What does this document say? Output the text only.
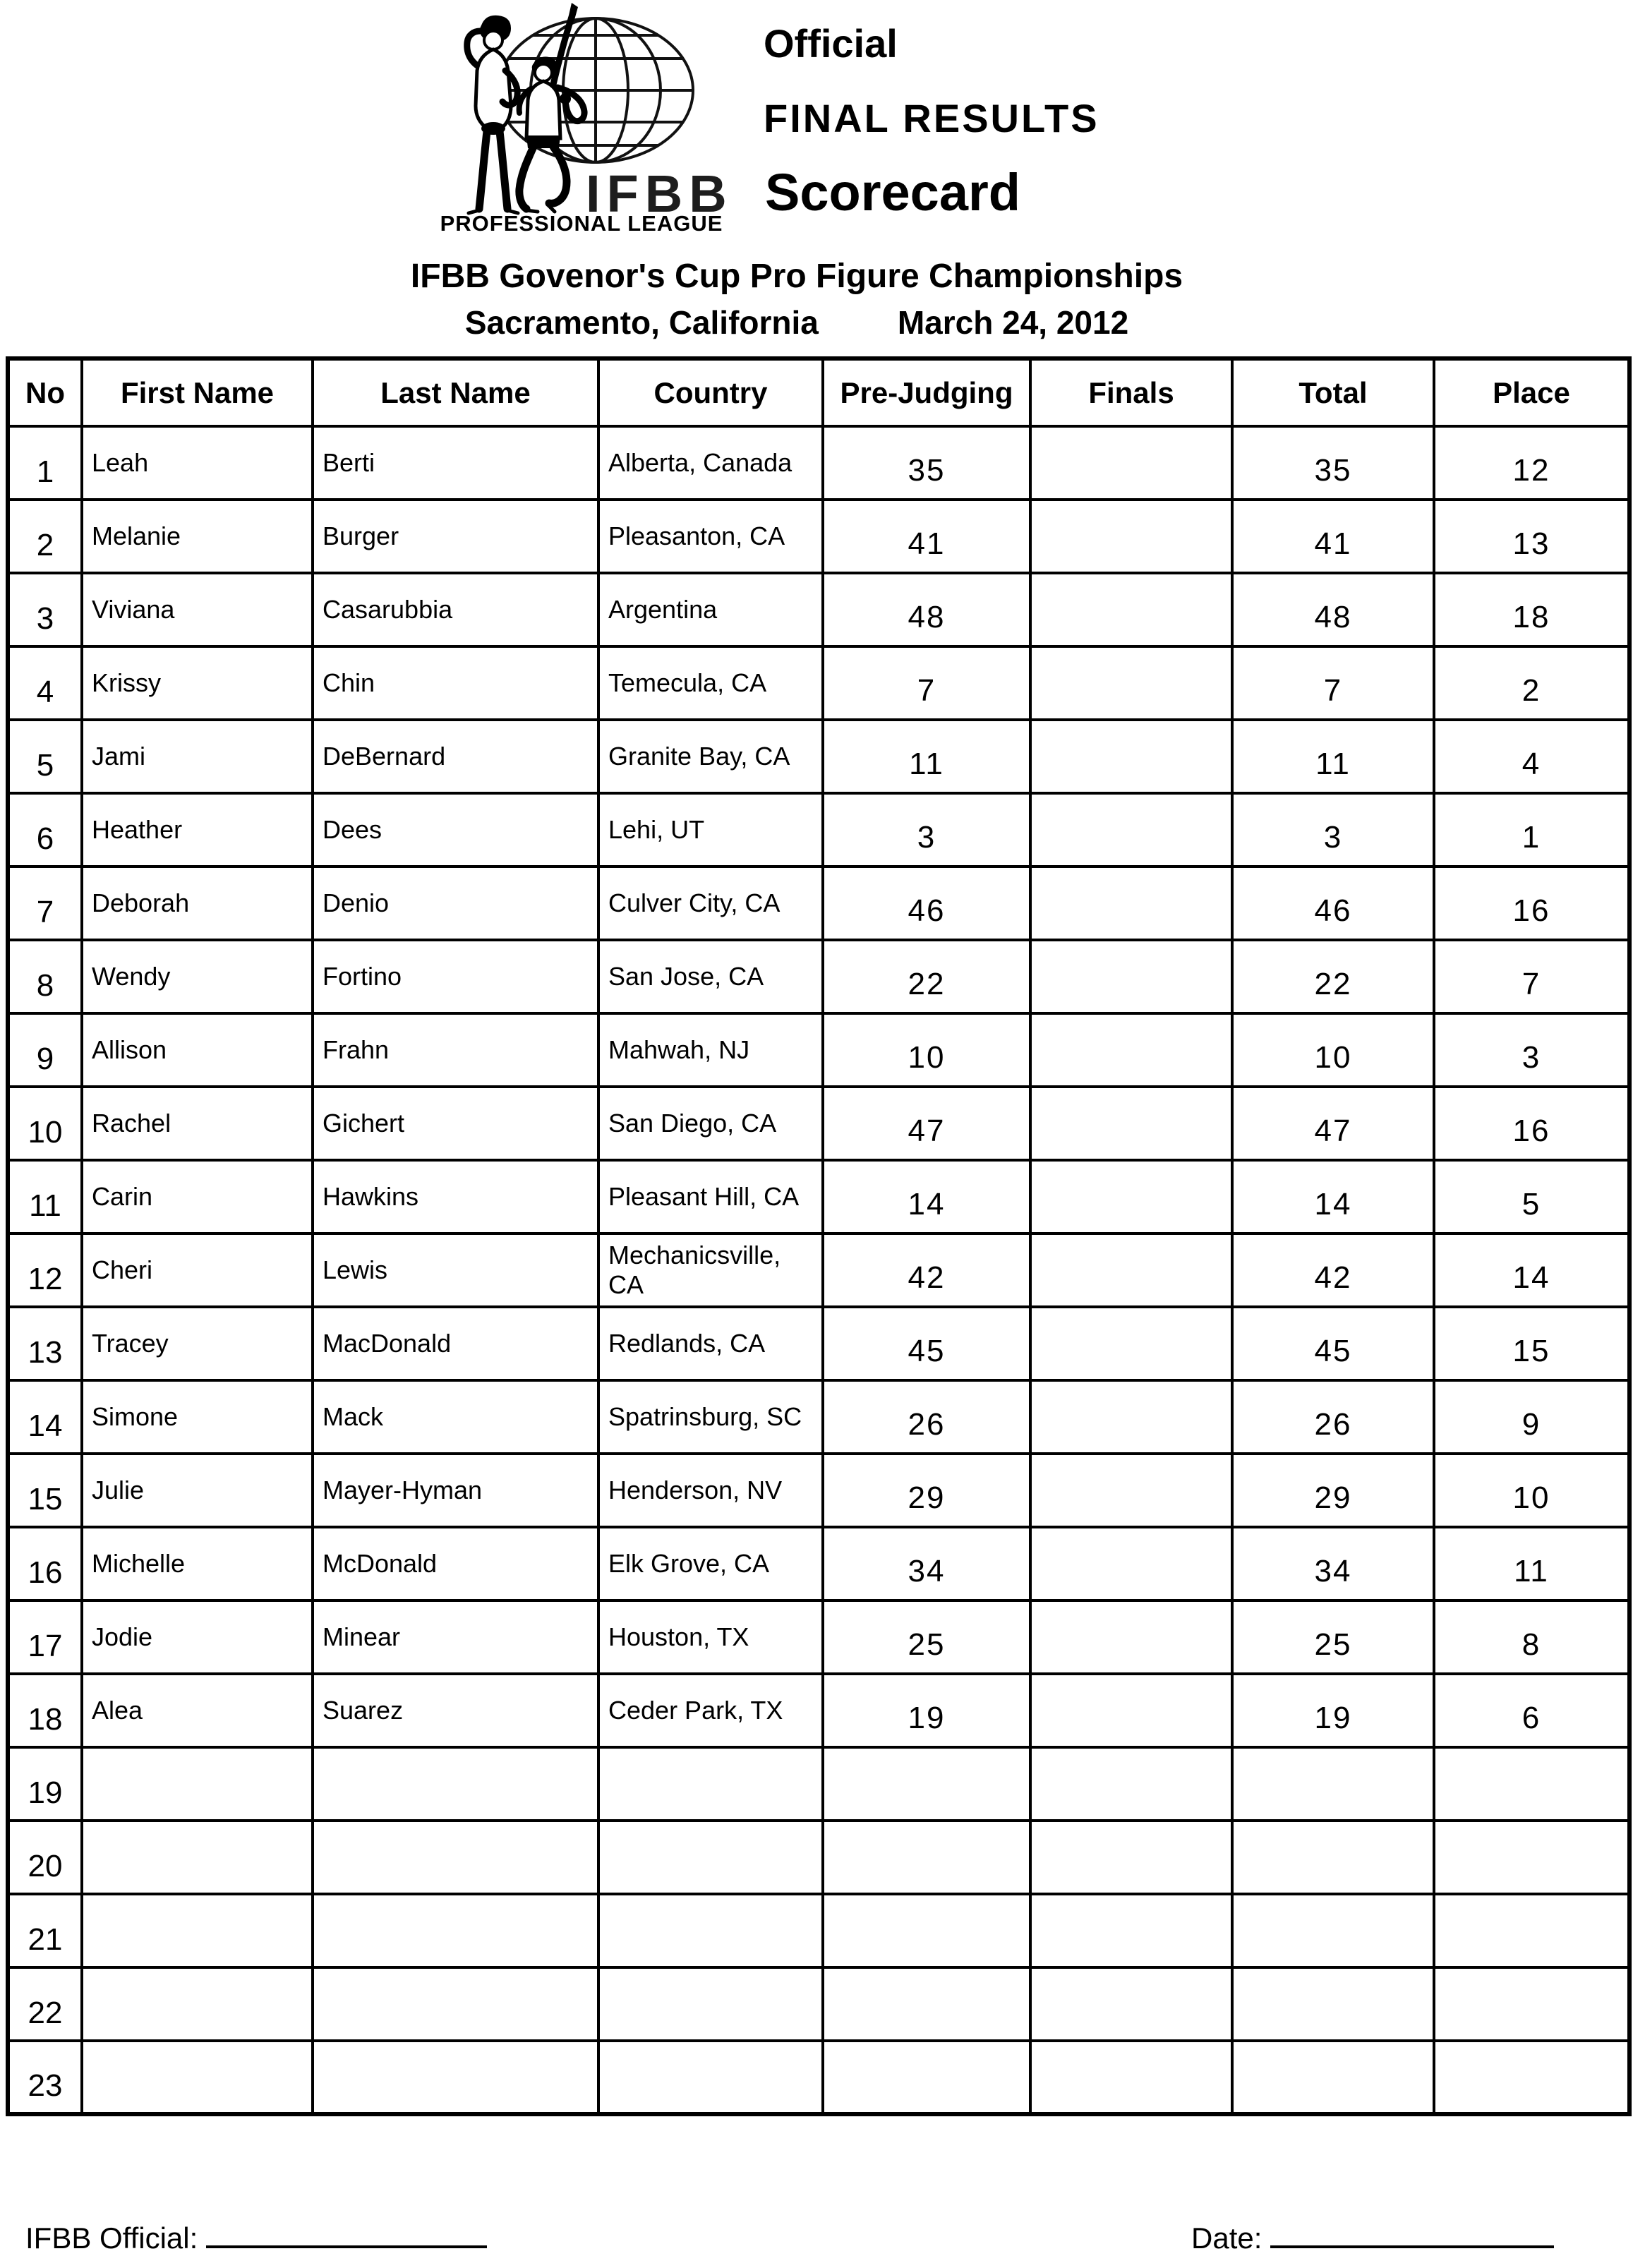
IFBB
Official
FINAL RESULTS
Scorecard
PROFESSIONAL LEAGUE
IFBB Govenor's Cup Pro Figure Championships
Sacramento, California March 24, 2012
No	First Name	Last Name	Country	Pre-Judging	Finals	Total	Place
1	Leah	Berti	Alberta, Canada	35		35	12
2	Melanie	Burger	Pleasanton, CA	41		41	13
3	Viviana	Casarubbia	Argentina	48		48	18
4	Krissy	Chin	Temecula, CA	7		7	2
5	Jami	DeBernard	Granite Bay, CA	11		11	4
6	Heather	Dees	Lehi, UT	3		3	1
7	Deborah	Denio	Culver City, CA	46		46	16
8	Wendy	Fortino	San Jose, CA	22		22	7
9	Allison	Frahn	Mahwah, NJ	10		10	3
10	Rachel	Gichert	San Diego, CA	47		47	16
11	Carin	Hawkins	Pleasant Hill, CA	14		14	5
12	Cheri	Lewis	Mechanicsville, CA	42		42	14
13	Tracey	MacDonald	Redlands, CA	45		45	15
14	Simone	Mack	Spatrinsburg, SC	26		26	9
15	Julie	Mayer-Hyman	Henderson, NV	29		29	10
16	Michelle	McDonald	Elk Grove, CA	34		34	11
17	Jodie	Minear	Houston, TX	25		25	8
18	Alea	Suarez	Ceder Park, TX	19		19	6
19							
20							
21							
22							
23							
IFBB Official:	Date:
